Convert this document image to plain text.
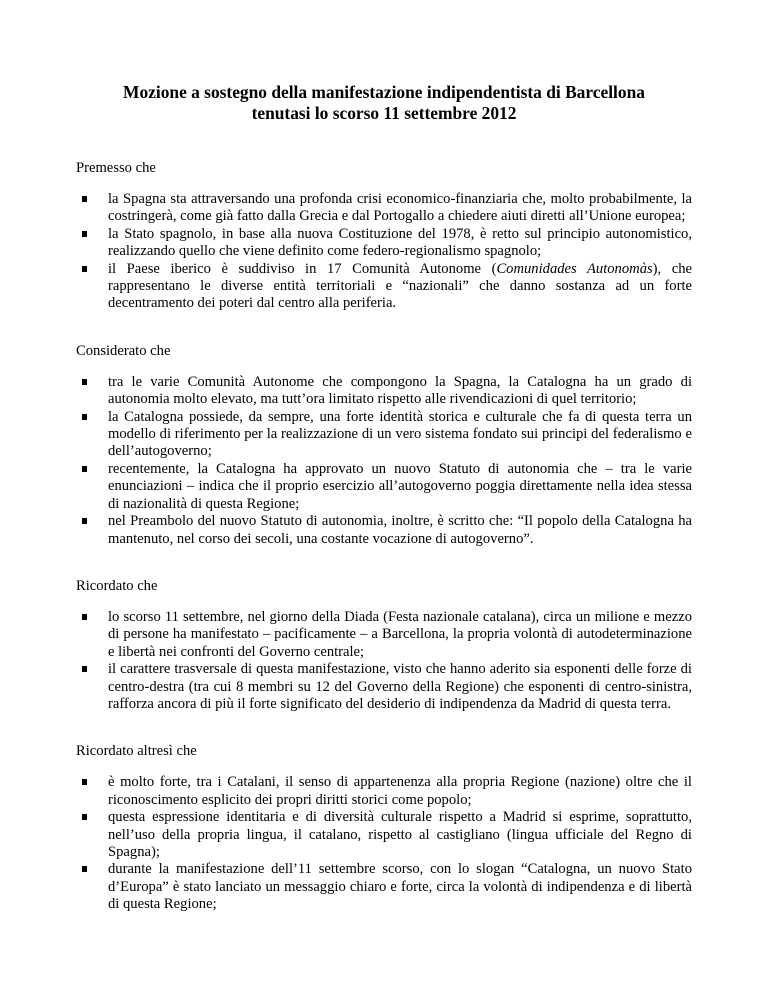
Mozione a sostegno della manifestazione indipendentista di Barcellona
tenutasi lo scorso 11 settembre 2012
Premesso che
la Spagna sta attraversando una profonda crisi economico-finanziaria che, molto probabilmente, la costringerà, come già fatto dalla Grecia e dal Portogallo a chiedere aiuti diretti all’Unione europea;
la Stato spagnolo, in base alla nuova Costituzione del 1978, è retto sul principio autonomistico, realizzando quello che viene definito come federo-regionalismo spagnolo;
il Paese iberico è suddiviso in 17 Comunità Autonome (Comunidades Autonomàs), che rappresentano le diverse entità territoriali e “nazionali” che danno sostanza ad un forte decentramento dei poteri dal centro alla periferia.
Considerato che
tra le varie Comunità Autonome che compongono la Spagna, la Catalogna ha un grado di autonomia molto elevato, ma tutt’ora limitato rispetto alle rivendicazioni di quel territorio;
la Catalogna possiede, da sempre, una forte identità storica e culturale che fa di questa terra un modello di riferimento per la realizzazione di un vero sistema fondato sui principi del federalismo e dell’autogoverno;
recentemente, la Catalogna ha approvato un nuovo Statuto di autonomia che – tra le varie enunciazioni – indica che il proprio esercizio all’autogoverno poggia direttamente nella idea stessa di nazionalità di questa Regione;
nel Preambolo del nuovo Statuto di autonomia, inoltre, è scritto che: “Il popolo della Catalogna ha mantenuto, nel corso dei secoli, una costante vocazione di autogoverno”.
Ricordato che
lo scorso 11 settembre, nel giorno della Diada (Festa nazionale catalana), circa un milione e mezzo di persone ha manifestato – pacificamente – a Barcellona, la propria volontà di autodeterminazione e libertà nei confronti del Governo centrale;
il carattere trasversale di questa manifestazione, visto che hanno aderito sia esponenti delle forze di centro-destra (tra cui 8 membri su 12 del Governo della Regione) che esponenti di centro-sinistra, rafforza ancora di più il forte significato del desiderio di indipendenza da Madrid di questa terra.
Ricordato altresì che
è molto forte, tra i Catalani, il senso di appartenenza alla propria Regione (nazione) oltre che il riconoscimento esplicito dei propri diritti storici come popolo;
questa espressione identitaria e di diversità culturale rispetto a Madrid si esprime, soprattutto, nell’uso della propria lingua, il catalano, rispetto al castigliano (lingua ufficiale del Regno di Spagna);
durante la manifestazione dell’11 settembre scorso, con lo slogan “Catalogna, un nuovo Stato d’Europa” è stato lanciato un messaggio chiaro e forte, circa la volontà di indipendenza e di libertà di questa Regione;
